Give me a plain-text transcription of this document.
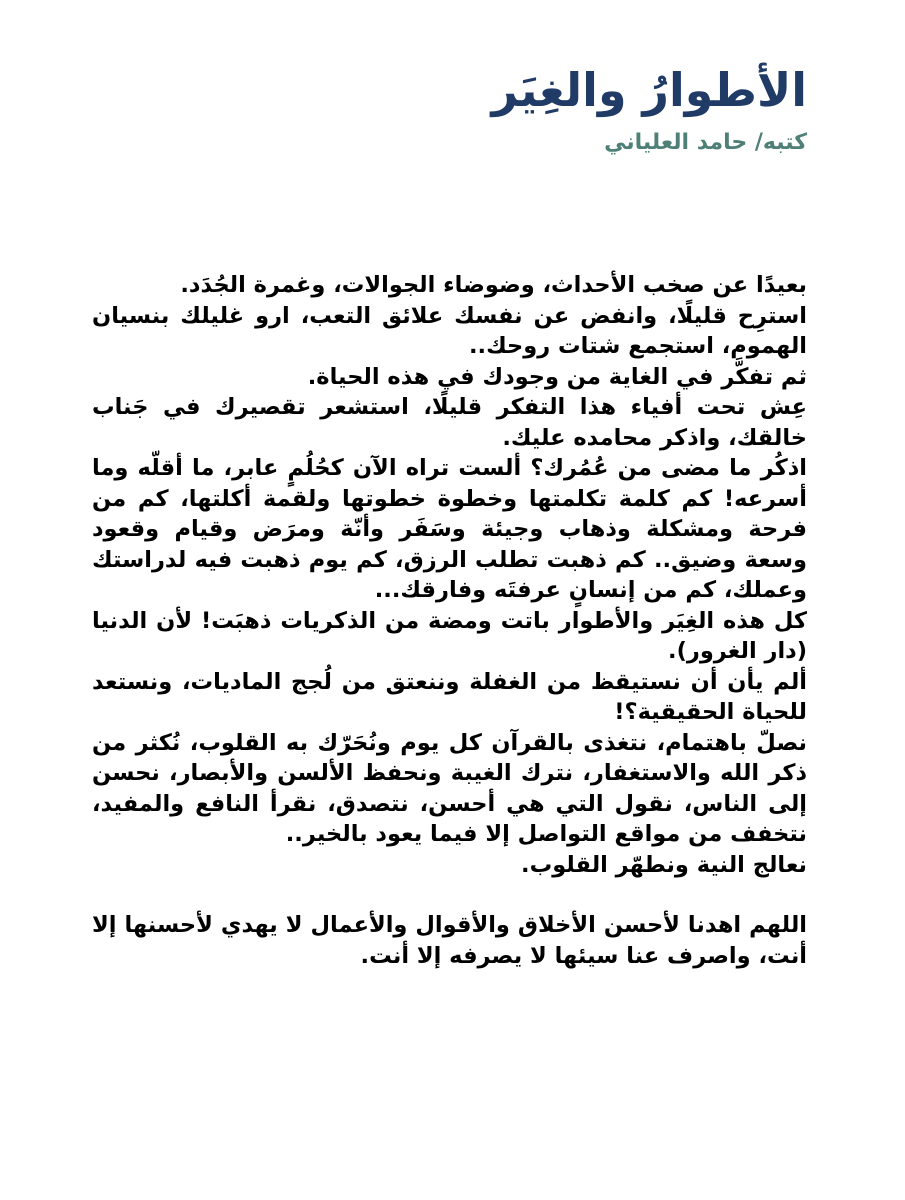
الأطوارُ والغِيَر

كتبه/ حامد العلياني

بعيدًا عن صخب الأحداث، وضوضاء الجوالات، وغمرة الجُدَد.

استرِح قليلًا، وانفض عن نفسك علائق التعب، ارو غليلك بنسيان الهموم، استجمع شتات روحك..

ثم تفكَّر في الغاية من وجودك في هذه الحياة.

عِش تحت أفياء هذا التفكر قليلًا، استشعر تقصيرك في جَناب خالقك، واذكر محامده عليك.

اذكُر ما مضى من عُمُرك؟ ألست تراه الآن كحُلُمٍ عابر، ما أقلّه وما أسرعه! كم كلمة تكلمتها وخطوة خطوتها ولقمة أكلتها، كم من فرحة ومشكلة وذهاب وجيئة وسَفَر وأنّة ومرَض وقيام وقعود وسعة وضيق.. كم ذهبت تطلب الرزق، كم يوم ذهبت فيه لدراستك وعملك، كم من إنسانٍ عرفتَه وفارقك...

كل هذه الغِيَر والأطوار باتت ومضة من الذكريات ذهبَت! لأن الدنيا (دار الغرور).

ألم يأن أن نستيقظ من الغفلة وننعتق من لُجج الماديات، ونستعد للحياة الحقيقية؟!

نصلّ باهتمام، نتغذى بالقرآن كل يوم ونُحَرّك به القلوب، نُكثر من ذكر الله والاستغفار، نترك الغيبة ونحفظ الألسن والأبصار، نحسن إلى الناس، نقول التي هي أحسن، نتصدق، نقرأ النافع والمفيد، نتخفف من مواقع التواصل إلا فيما يعود بالخير..

نعالج النية ونطهّر القلوب.

اللهم اهدنا لأحسن الأخلاق والأقوال والأعمال لا يهدي لأحسنها إلا أنت، واصرف عنا سيئها لا يصرفه إلا أنت.
